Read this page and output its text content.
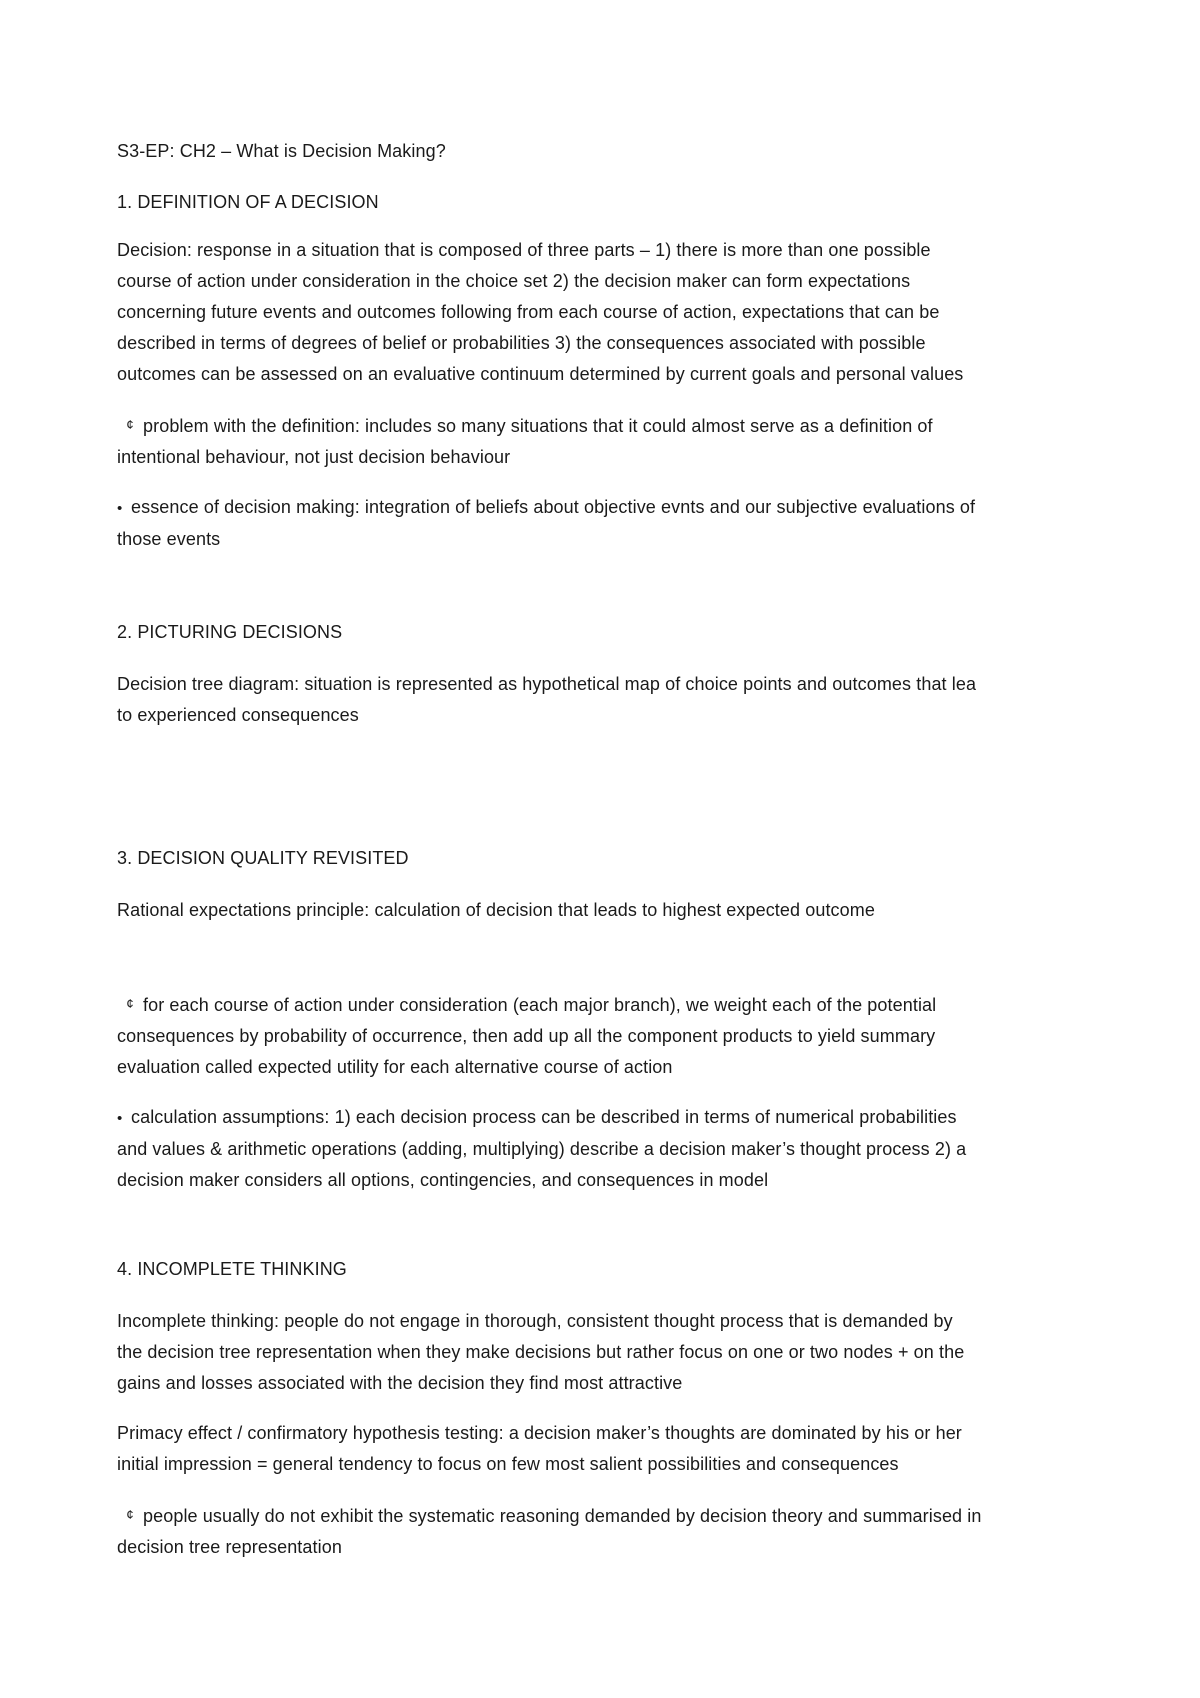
S3-EP: CH2 – What is Decision Making?
1. DEFINITION OF A DECISION
Decision: response in a situation that is composed of three parts – 1) there is more than one possible
course of action under consideration in the choice set 2) the decision maker can form expectations
concerning future events and outcomes following from each course of action, expectations that can be
described in terms of degrees of belief or probabilities 3) the consequences associated with possible
outcomes can be assessed on an evaluative continuum determined by current goals and personal values
¢ problem with the definition: includes so many situations that it could almost serve as a definition of
intentional behaviour, not just decision behaviour
• essence of decision making: integration of beliefs about objective evnts and our subjective evaluations of
those events
2. PICTURING DECISIONS
Decision tree diagram: situation is represented as hypothetical map of choice points and outcomes that lea
to experienced consequences
3. DECISION QUALITY REVISITED
Rational expectations principle: calculation of decision that leads to highest expected outcome
¢ for each course of action under consideration (each major branch), we weight each of the potential
consequences by probability of occurrence, then add up all the component products to yield summary
evaluation called expected utility for each alternative course of action
• calculation assumptions: 1) each decision process can be described in terms of numerical probabilities
and values & arithmetic operations (adding, multiplying) describe a decision maker’s thought process 2) a
decision maker considers all options, contingencies, and consequences in model
4. INCOMPLETE THINKING
Incomplete thinking: people do not engage in thorough, consistent thought process that is demanded by
the decision tree representation when they make decisions but rather focus on one or two nodes + on the
gains and losses associated with the decision they find most attractive
Primacy effect / confirmatory hypothesis testing: a decision maker’s thoughts are dominated by his or her
initial impression = general tendency to focus on few most salient possibilities and consequences
¢ people usually do not exhibit the systematic reasoning demanded by decision theory and summarised in
decision tree representation
